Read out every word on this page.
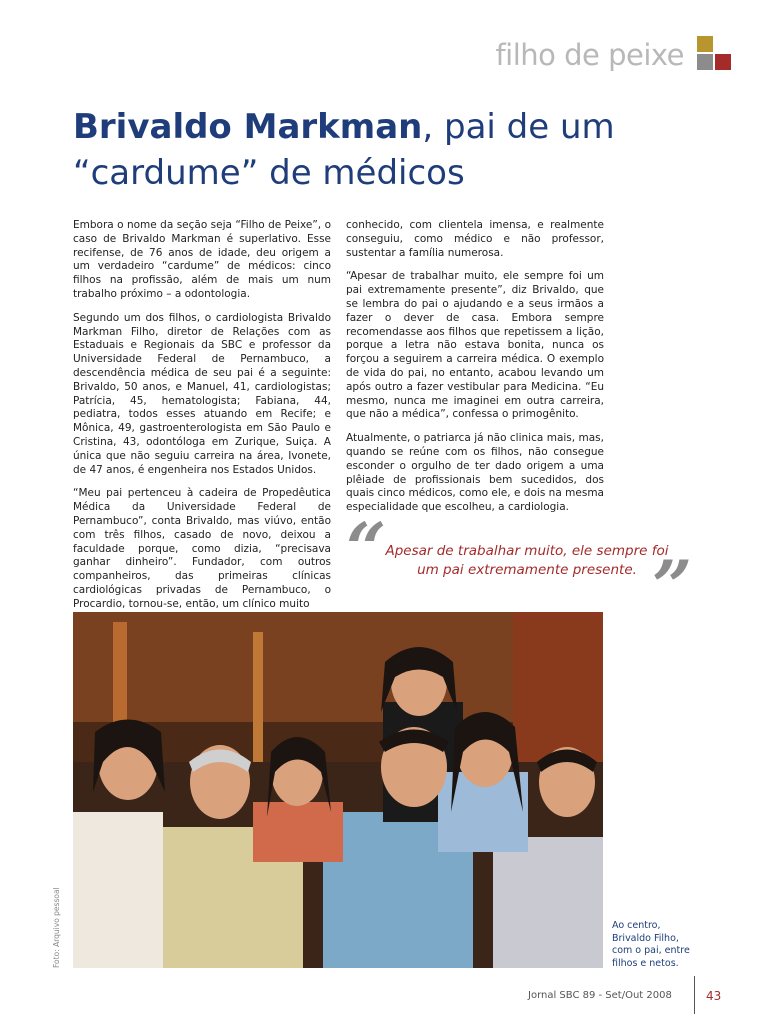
filho de peixe
Brivaldo Markman, pai de um “cardume” de médicos

Embora o nome da seção seja “Filho de Peixe”, o caso de Brivaldo Markman é superlativo. Esse recifense, de 76 anos de idade, deu origem a um verdadeiro “cardume” de médicos: cinco filhos na profissão, além de mais um num trabalho próximo – a odontologia.

Segundo um dos filhos, o cardiologista Brivaldo Markman Filho, diretor de Relações com as Estaduais e Regionais da SBC e professor da Universidade Federal de Pernambuco, a descendência médica de seu pai é a seguinte: Brivaldo, 50 anos, e Manuel, 41, cardiologistas; Patrícia, 45, hematologista; Fabiana, 44, pediatra, todos esses atuando em Recife; e Mônica, 49, gastroenterologista em São Paulo e Cristina, 43, odontóloga em Zurique, Suiça. A única que não seguiu carreira na área, Ivonete, de 47 anos, é engenheira nos Estados Unidos.

“Meu pai pertenceu à cadeira de Propedêutica Médica da Universidade Federal de Pernambuco”, conta Brivaldo, mas viúvo, então com três filhos, casado de novo, deixou a faculdade porque, como dizia, “precisava ganhar dinheiro”. Fundador, com outros companheiros, das primeiras clínicas cardiológicas privadas de Pernambuco, o Procardio, tornou-se, então, um clínico muito

conhecido, com clientela imensa, e realmente conseguiu, como médico e não professor, sustentar a família numerosa.

“Apesar de trabalhar muito, ele sempre foi um pai extremamente presente”, diz Brivaldo, que se lembra do pai o ajudando e a seus irmãos a fazer o dever de casa. Embora sempre recomendasse aos filhos que repetissem a lição, porque a letra não estava bonita, nunca os forçou a seguirem a carreira médica. O exemplo de vida do pai, no entanto, acabou levando um após outro a fazer vestibular para Medicina. “Eu mesmo, nunca me imaginei em outra carreira, que não a médica”, confessa o primogênito.

Atualmente, o patriarca já não clinica mais, mas, quando se reúne com os filhos, não consegue esconder o orgulho de ter dado origem a uma plêiade de profissionais bem sucedidos, dos quais cinco médicos, como ele, e dois na mesma especialidade que escolheu, a cardiologia.

“ Apesar de trabalhar muito, ele sempre foi um pai extremamente presente. ”
Foto: Arquivo pessoal	Ao centro, Brivaldo Filho, com o pai, entre filhos e netos.
Jornal SBC 89 - Set/Out 2008	43
